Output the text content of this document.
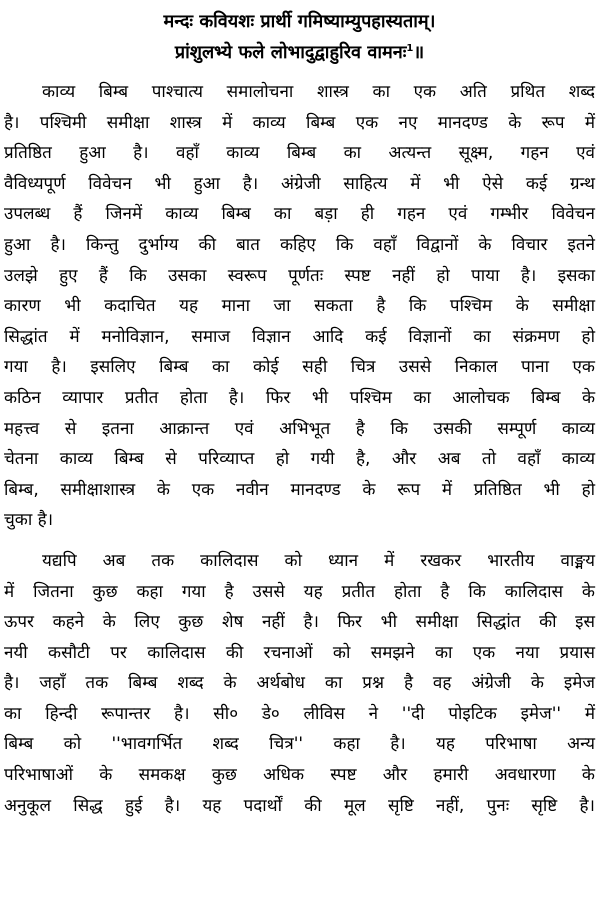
मन्दः कवियशः प्रार्थी गमिष्याम्युपहास्यताम्।
प्रांशुलभ्ये फले लोभादुद्वाहुरिव वामनः$^1$॥
काव्य बिम्ब पाश्चात्य समालोचना शास्त्र का एक अति प्रथित शब्द
है। पश्चिमी समीक्षा शास्त्र में काव्य बिम्ब एक नए मानदण्ड के रूप में
प्रतिष्ठित हुआ है। वहाँ काव्य बिम्ब का अत्यन्त सूक्ष्म, गहन एवं
वैविध्यपूर्ण विवेचन भी हुआ है। अंग्रेजी साहित्य में भी ऐसे कई ग्रन्थ
उपलब्ध हैं जिनमें काव्य बिम्ब का बड़ा ही गहन एवं गम्भीर विवेचन
हुआ है। किन्तु दुर्भाग्य की बात कहिए कि वहाँ विद्वानों के विचार इतने
उलझे हुए हैं कि उसका स्वरूप पूर्णतः स्पष्ट नहीं हो पाया है। इसका
कारण भी कदाचित यह माना जा सकता है कि पश्चिम के समीक्षा
सिद्धांत में मनोविज्ञान, समाज विज्ञान आदि कई विज्ञानों का संक्रमण हो
गया है। इसलिए बिम्ब का कोई सही चित्र उससे निकाल पाना एक
कठिन व्यापार प्रतीत होता है। फिर भी पश्चिम का आलोचक बिम्ब के
महत्त्व से इतना आक्रान्त एवं अभिभूत है कि उसकी सम्पूर्ण काव्य
चेतना काव्य बिम्ब से परिव्याप्त हो गयी है, और अब तो वहाँ काव्य
बिम्ब, समीक्षाशास्त्र के एक नवीन मानदण्ड के रूप में प्रतिष्ठित भी हो
चुका है।
यद्यपि अब तक कालिदास को ध्यान में रखकर भारतीय वाङ्मय
में जितना कुछ कहा गया है उससे यह प्रतीत होता है कि कालिदास के
ऊपर कहने के लिए कुछ शेष नहीं है। फिर भी समीक्षा सिद्धांत की इस
नयी कसौटी पर कालिदास की रचनाओं को समझने का एक नया प्रयास
है। जहाँ तक बिम्ब शब्द के अर्थबोध का प्रश्न है वह अंग्रेजी के इमेज
का हिन्दी रूपान्तर है। सी० डे० लीविस ने ''दी पोइटिक इमेज'' में
बिम्ब को ''भावगर्भित शब्द चित्र'' कहा है। यह परिभाषा अन्य
परिभाषाओं के समकक्ष कुछ अधिक स्पष्ट और हमारी अवधारणा के
अनुकूल सिद्ध हुई है। यह पदार्थों की मूल सृष्टि नहीं, पुनः सृष्टि है।
